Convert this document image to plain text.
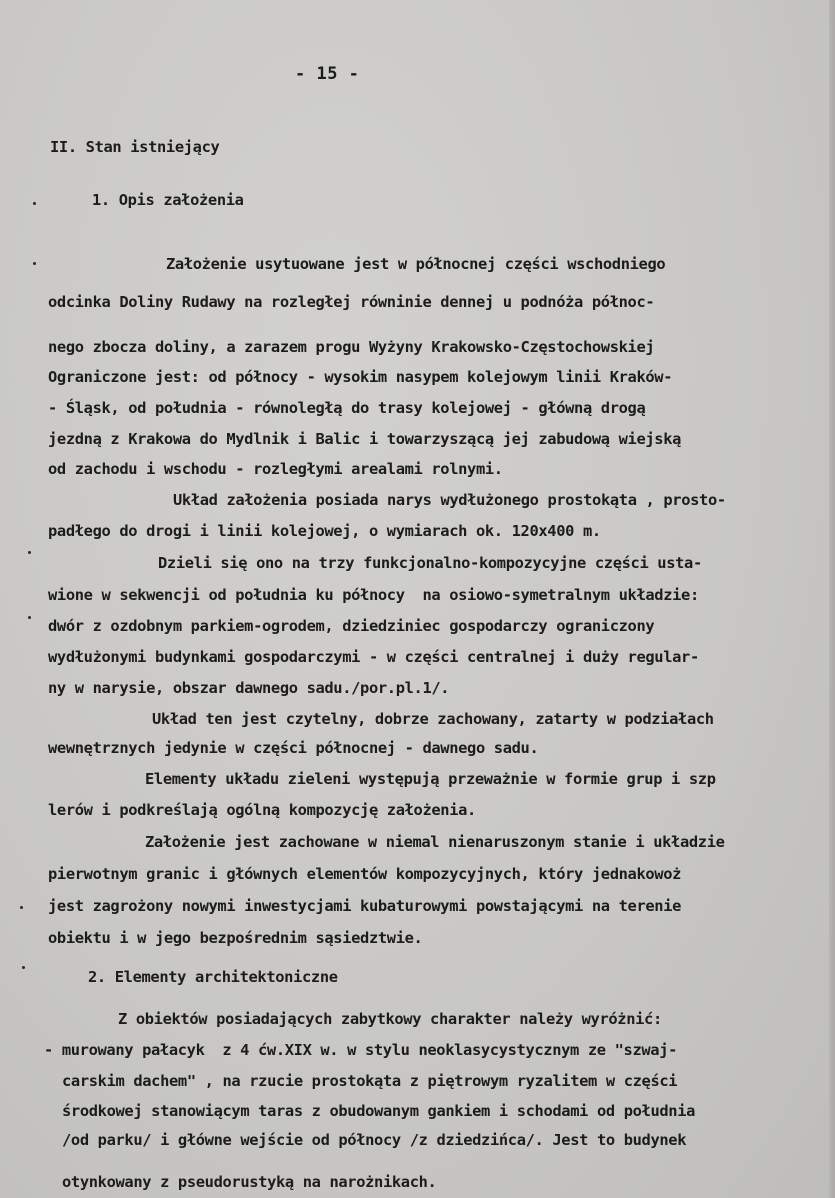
- 15 -
II. Stan istniejący
1. Opis założenia
Założenie usytuowane jest w północnej części wschodniego
odcinka Doliny Rudawy na rozległej równinie dennej u podnóża północ-
nego zbocza doliny, a zarazem progu Wyżyny Krakowsko-Częstochowskiej
Ograniczone jest: od północy - wysokim nasypem kolejowym linii Kraków-
- Śląsk, od południa - równoległą do trasy kolejowej - główną drogą
jezdną z Krakowa do Mydlnik i Balic i towarzyszącą jej zabudową wiejską
od zachodu i wschodu - rozległymi arealami rolnymi.
Układ założenia posiada narys wydłużonego prostokąta , prosto-
padłego do drogi i linii kolejowej, o wymiarach ok. 120x400 m.
Dzieli się ono na trzy funkcjonalno-kompozycyjne części usta-
wione w sekwencji od południa ku północy  na osiowo-symetralnym układzie:
dwór z ozdobnym parkiem-ogrodem, dziedziniec gospodarczy ograniczony
wydłużonymi budynkami gospodarczymi - w części centralnej i duży regular-
ny w narysie, obszar dawnego sadu./por.pl.1/.
Układ ten jest czytelny, dobrze zachowany, zatarty w podziałach
wewnętrznych jedynie w części północnej - dawnego sadu.
Elementy układu zieleni występują przeważnie w formie grup i szp
lerów i podkreślają ogólną kompozycję założenia.
Założenie jest zachowane w niemal nienaruszonym stanie i układzie
pierwotnym granic i głównych elementów kompozycyjnych, który jednakowoż
jest zagrożony nowymi inwestycjami kubaturowymi powstającymi na terenie
obiektu i w jego bezpośrednim sąsiedztwie.
2. Elementy architektoniczne
Z obiektów posiadających zabytkowy charakter należy wyróżnić:
- murowany pałacyk  z 4 ćw.XIX w. w stylu neoklasycystycznym ze "szwaj-
carskim dachem" , na rzucie prostokąta z piętrowym ryzalitem w części
środkowej stanowiącym taras z obudowanym gankiem i schodami od południa
/od parku/ i główne wejście od północy /z dziedzińca/. Jest to budynek
otynkowany z pseudorustyką na narożnikach.
